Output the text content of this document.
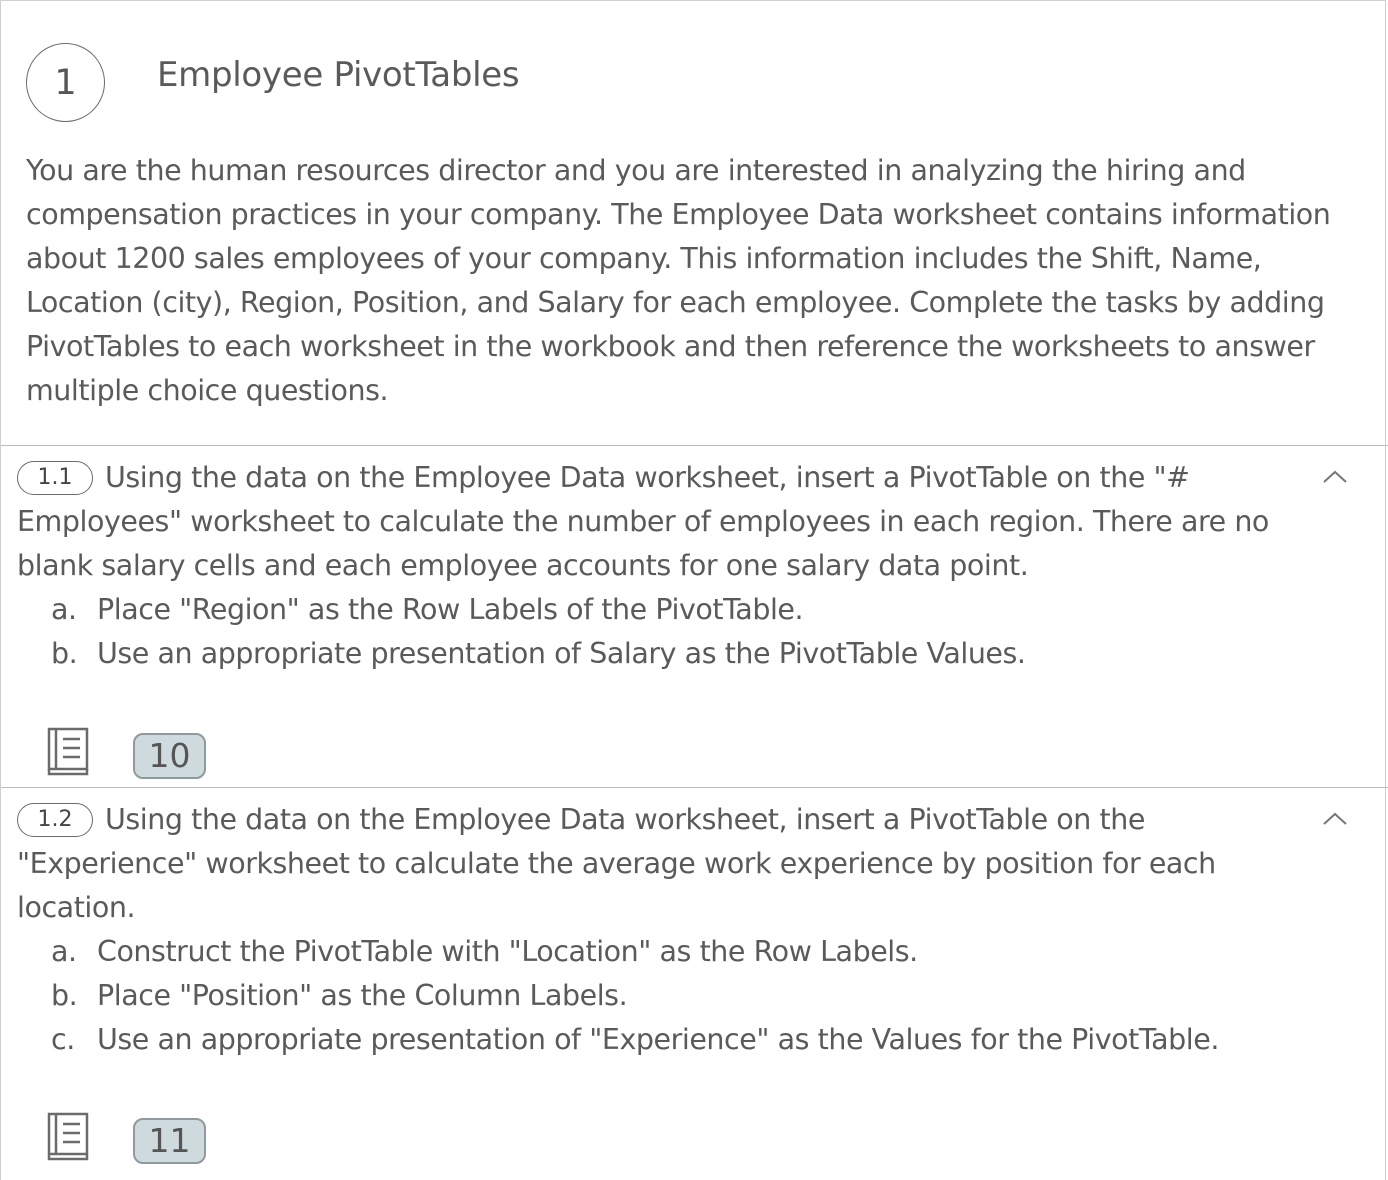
1	Employee PivotTables

You are the human resources director and you are interested in analyzing the hiring and compensation practices in your company. The Employee Data worksheet contains information about 1200 sales employees of your company. This information includes the Shift, Name, Location (city), Region, Position, and Salary for each employee. Complete the tasks by adding PivotTables to each worksheet in the workbook and then reference the worksheets to answer multiple choice questions.

1.1 Using the data on the Employee Data worksheet, insert a PivotTable on the "# Employees" worksheet to calculate the number of employees in each region. There are no blank salary cells and each employee accounts for one salary data point.
a. Place "Region" as the Row Labels of the PivotTable.
b. Use an appropriate presentation of Salary as the PivotTable Values.
10
1.2 Using the data on the Employee Data worksheet, insert a PivotTable on the "Experience" worksheet to calculate the average work experience by position for each location.
a. Construct the PivotTable with "Location" as the Row Labels.
b. Place "Position" as the Column Labels.
c. Use an appropriate presentation of "Experience" as the Values for the PivotTable.
11
